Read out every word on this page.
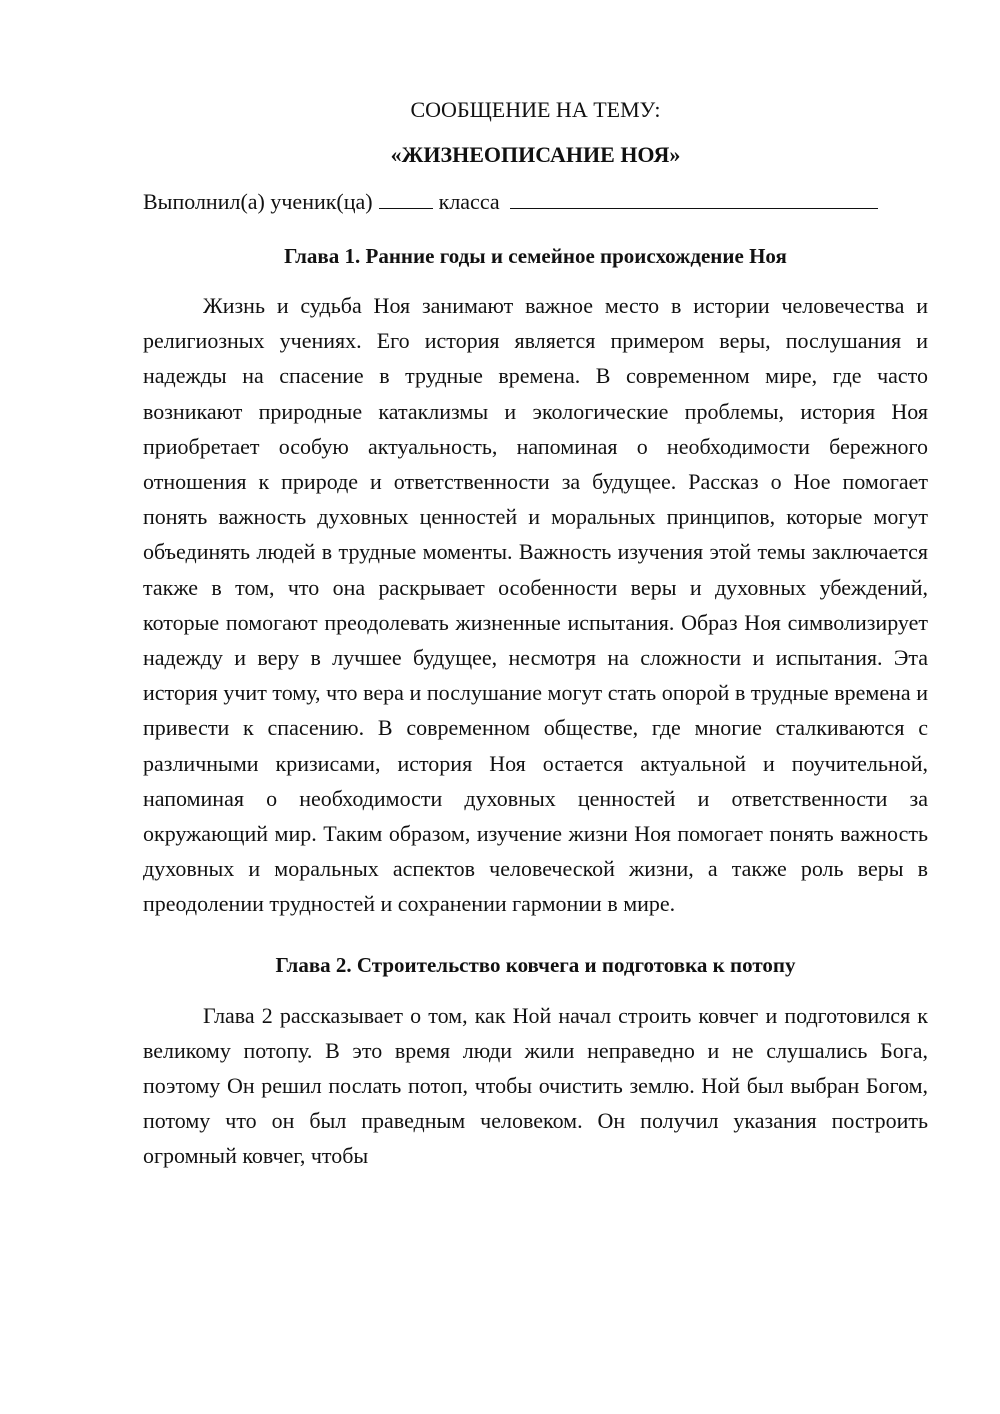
СООБЩЕНИЕ НА ТЕМУ:

«ЖИЗНЕОПИСАНИЕ НОЯ»

Выполнил(а) ученик(ца)	класса
Глава 1. Ранние годы и семейное происхождение Ноя

Жизнь и судьба Ноя занимают важное место в истории человечества и религиозных учениях. Его история является примером веры, послушания и надежды на спасение в трудные времена. В современном мире, где часто возникают природные катаклизмы и экологические проблемы, история Ноя приобретает особую актуальность, напоминая о необходимости бережного отношения к природе и ответственности за будущее. Рассказ о Ное помогает понять важность духовных ценностей и моральных принципов, которые могут объединять людей в трудные моменты. Важность изучения этой темы заключается также в том, что она раскрывает особенности веры и духовных убеждений, которые помогают преодолевать жизненные испытания. Образ Ноя символизирует надежду и веру в лучшее будущее, несмотря на сложности и испытания. Эта история учит тому, что вера и послушание могут стать опорой в трудные времена и привести к спасению. В современном обществе, где многие сталкиваются с различными кризисами, история Ноя остается актуальной и поучительной, напоминая о необходимости духовных ценностей и ответственности за окружающий мир. Таким образом, изучение жизни Ноя помогает понять важность духовных и моральных аспектов человеческой жизни, а также роль веры в преодолении трудностей и сохранении гармонии в мире.

Глава 2. Строительство ковчега и подготовка к потопу

Глава 2 рассказывает о том, как Ной начал строить ковчег и подготовился к великому потопу. В это время люди жили неправедно и не слушались Бога, поэтому Он решил послать потоп, чтобы очистить землю. Ной был выбран Богом, потому что он был праведным человеком. Он получил указания построить огромный ковчег, чтобы
